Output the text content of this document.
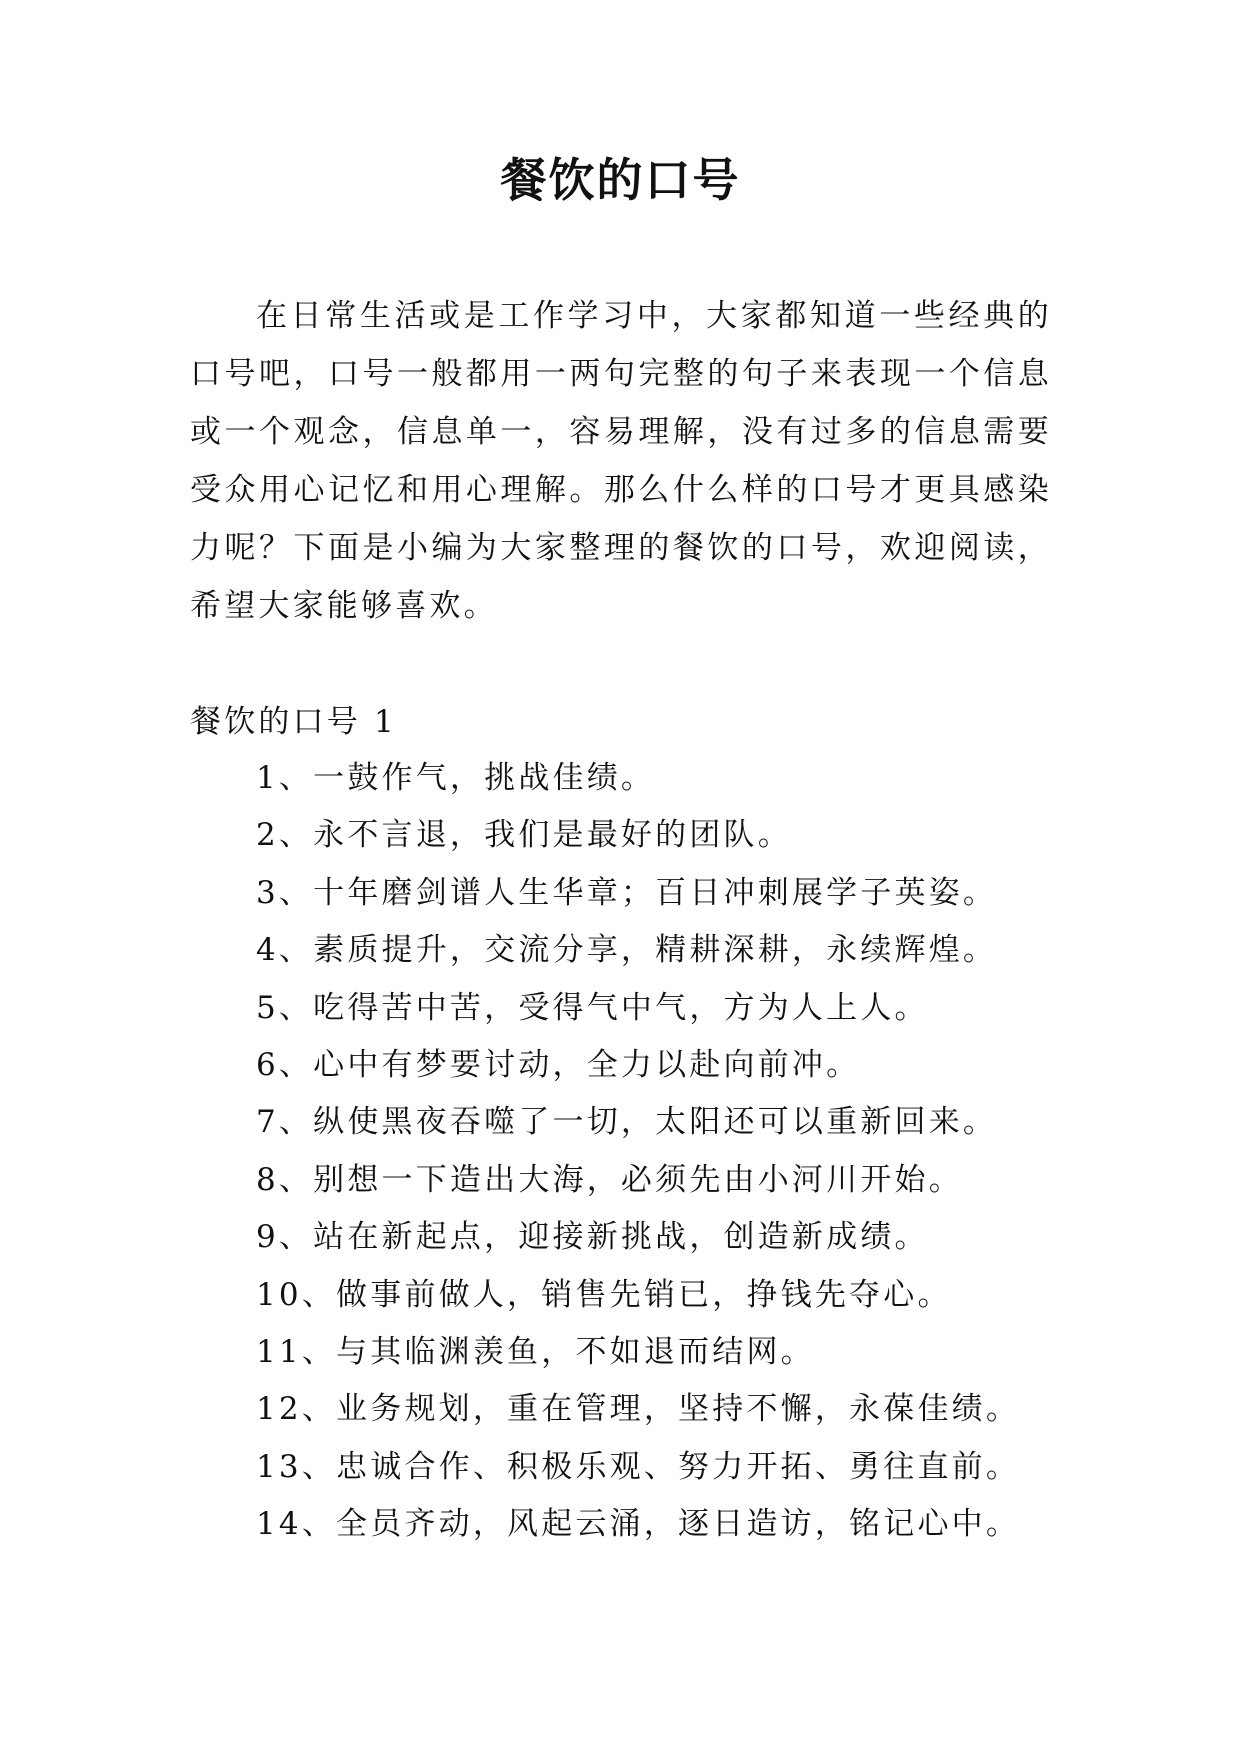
餐饮的口号

在日常生活或是工作学习中，大家都知道一些经典的口号吧，口号一般都用一两句完整的句子来表现一个信息或一个观念，信息单一，容易理解，没有过多的信息需要受众用心记忆和用心理解。那么什么样的口号才更具感染力呢？下面是小编为大家整理的餐饮的口号，欢迎阅读，希望大家能够喜欢。

餐饮的口号 1

1、一鼓作气，挑战佳绩。
2、永不言退，我们是最好的团队。
3、十年磨剑谱人生华章；百日冲刺展学子英姿。
4、素质提升，交流分享，精耕深耕，永续辉煌。
5、吃得苦中苦，受得气中气，方为人上人。
6、心中有梦要讨动，全力以赴向前冲。
7、纵使黑夜吞噬了一切，太阳还可以重新回来。
8、别想一下造出大海，必须先由小河川开始。
9、站在新起点，迎接新挑战，创造新成绩。
10、做事前做人，销售先销已，挣钱先夺心。
11、与其临渊羡鱼，不如退而结网。
12、业务规划，重在管理，坚持不懈，永葆佳绩。
13、忠诚合作、积极乐观、努力开拓、勇往直前。
14、全员齐动，风起云涌，逐日造访，铭记心中。
